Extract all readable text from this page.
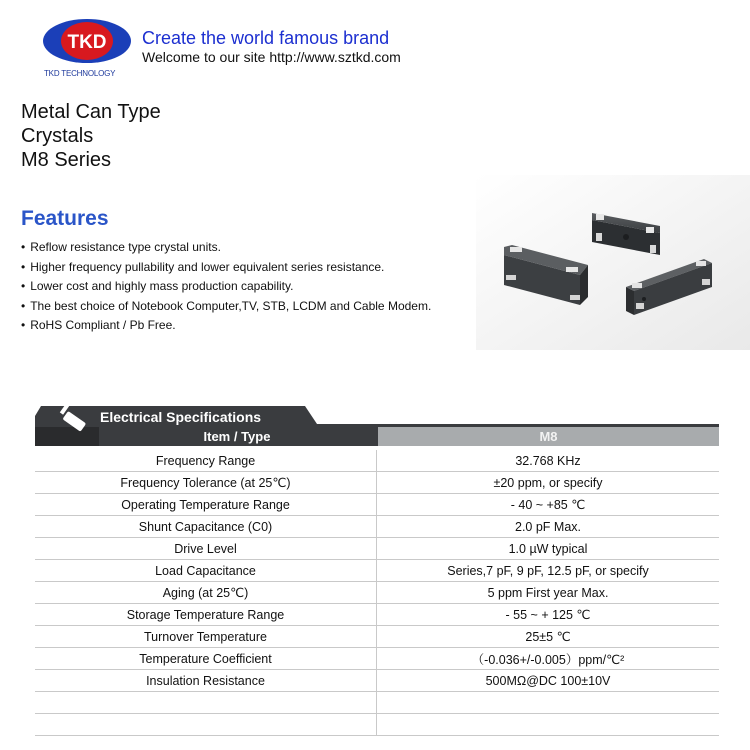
TKD
TKD TECHNOLOGY
Create the world famous brand
Welcome to our site http://www.sztkd.com
Metal Can Type
Crystals
M8 Series
Features
• Reflow resistance type crystal units.
• Higher frequency pullability and lower equivalent series resistance.
• Lower cost and highly mass production capability.
• The best choice of Notebook Computer,TV, STB, LCDM and Cable Modem.
• RoHS Compliant / Pb Free.
Electrical Specifications
Item / Type	M8
Frequency Range	32.768 KHz
Frequency Tolerance (at 25℃)	±20 ppm, or specify
Operating Temperature Range	- 40 ~ +85 ℃
Shunt Capacitance (C0)	2.0 pF Max.
Drive Level	1.0 µW typical
Load Capacitance	Series,7 pF, 9 pF, 12.5 pF, or specify
Aging (at 25℃)	5 ppm First year Max.
Storage Temperature Range	- 55 ~ + 125 ℃
Turnover Temperature	25±5 ℃
Temperature Coefficient	（-0.036+/-0.005）ppm/℃²
Insulation Resistance	500MΩ@DC 100±10V
